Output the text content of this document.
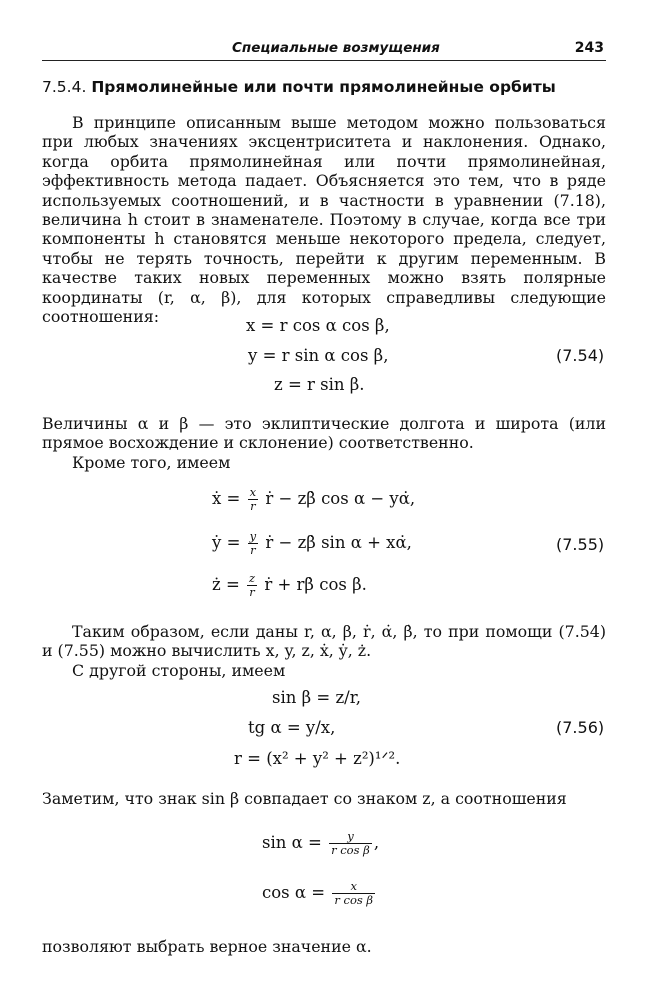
Специальные возмущения	243
7.5.4. Прямолинейные или почти прямолинейные орбиты
В принципе описанным выше методом можно пользоваться при любых значениях эксцентриситета и наклонения. Однако, когда орбита прямолинейная или почти прямолинейная, эффективность метода падает. Объясняется это тем, что в ряде используемых соотношений, и в частности в уравнении (7.18), величина h стоит в знаменателе. Поэтому в случае, когда все три компоненты h становятся меньше некоторого предела, следует, чтобы не терять точность, перейти к другим переменным. В качестве таких новых переменных можно взять полярные координаты (r, α, β), для которых справедливы следующие соотношения:	x = r cos α cos β,
y = r sin α cos β,
z = r sin β.
(7.54)
Величины α и β — это эклиптические долгота и широта (или прямое восхождение и склонение) соответственно.
Кроме того, имеем
ẋ = $\frac{x}{r}$ ṙ − zβ̇ cos α − yα̇,
ẏ = $\frac{y}{r}$ ṙ − zβ̇ sin α + xα̇,
ż = $\frac{z}{r}$ ṙ + rβ̇ cos β.
(7.55)
Таким образом, если даны r, α, β, ṙ, α̇, β̇, то при помощи (7.54) и (7.55) можно вычислить x, y, z, ẋ, ẏ, ż.
С другой стороны, имеем
sin β = z/r,
tg α = y/x,
r = (x² + y² + z²)¹ᐟ².
(7.56)
Заметим, что знак sin β совпадает со знаком z, а соотношения
$\sin \alpha = \frac{y}{\text{r cos β}}$ ,
$\cos \alpha = \frac{x}{\text{r cos β}}$
позволяют выбрать верное значение α.
